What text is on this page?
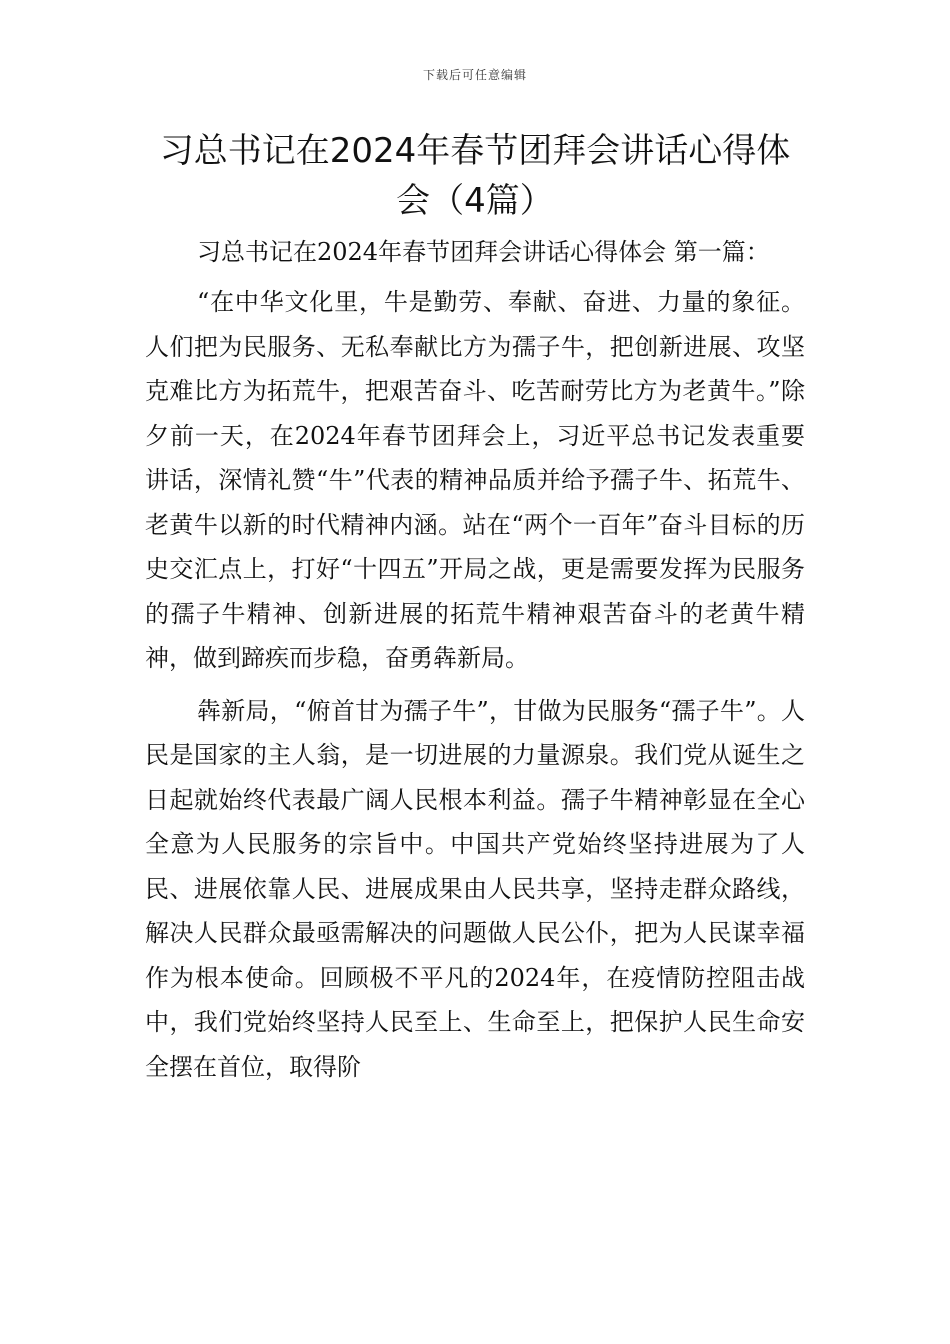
下载后可任意编辑
习总书记在2024年春节团拜会讲话心得体会（4篇）

习总书记在2024年春节团拜会讲话心得体会 第一篇：

“在中华文化里，牛是勤劳、奉献、奋进、力量的象征。人们把为民服务、无私奉献比方为孺子牛，把创新进展、攻坚克难比方为拓荒牛，把艰苦奋斗、吃苦耐劳比方为老黄牛。”除夕前一天，在2024年春节团拜会上，习近平总书记发表重要讲话，深情礼赞“牛”代表的精神品质并给予孺子牛、拓荒牛、老黄牛以新的时代精神内涵。站在“两个一百年”奋斗目标的历史交汇点上，打好“十四五”开局之战，更是需要发挥为民服务的孺子牛精神、创新进展的拓荒牛精神艰苦奋斗的老黄牛精神，做到蹄疾而步稳，奋勇犇新局。

犇新局，“俯首甘为孺子牛”，甘做为民服务“孺子牛”。人民是国家的主人翁，是一切进展的力量源泉。我们党从诞生之日起就始终代表最广阔人民根本利益。孺子牛精神彰显在全心全意为人民服务的宗旨中。中国共产党始终坚持进展为了人民、进展依靠人民、进展成果由人民共享，坚持走群众路线，解决人民群众最亟需解决的问题做人民公仆，把为人民谋幸福作为根本使命。回顾极不平凡的2024年，在疫情防控阻击战中，我们党始终坚持人民至上、生命至上，把保护人民生命安全摆在首位，取得阶
